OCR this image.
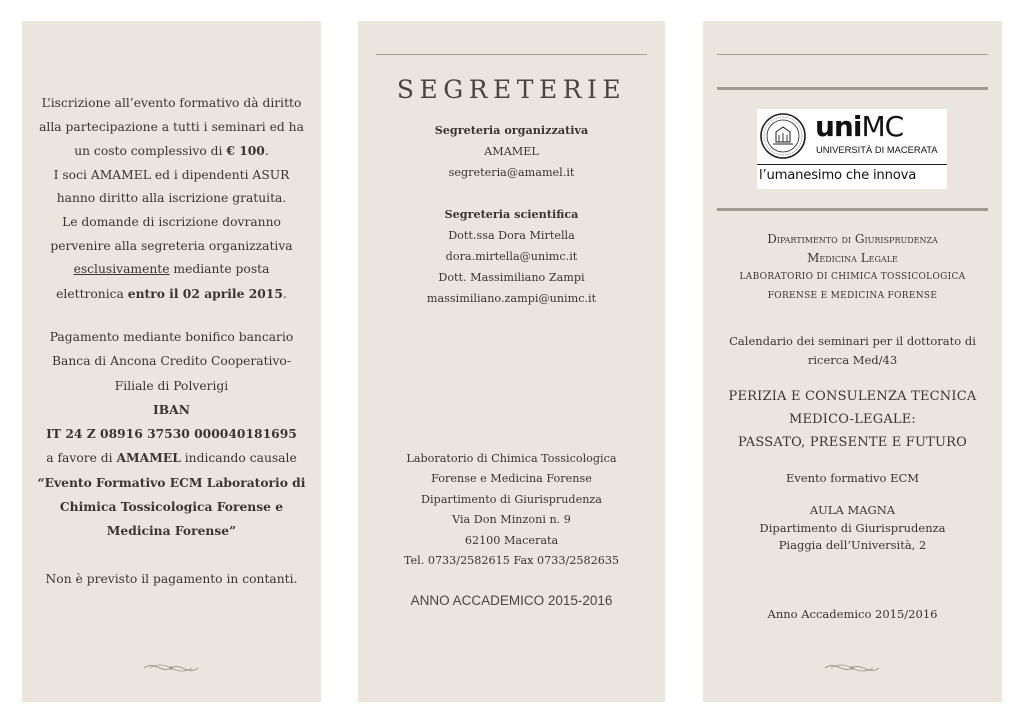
L’iscrizione all’evento formativo dà diritto
alla partecipazione a tutti i seminari ed ha
un costo complessivo di € 100.
I soci AMAMEL ed i dipendenti ASUR
hanno diritto alla iscrizione gratuita.
Le domande di iscrizione dovranno
pervenire alla segreteria organizzativa
esclusivamente mediante posta
elettronica entro il 02 aprile 2015.
Pagamento mediante bonifico bancario
Banca di Ancona Credito Cooperativo-
Filiale di Polverigi
IBAN
IT 24 Z 08916 37530 000040181695
a favore di AMAMEL indicando causale
“Evento Formativo ECM Laboratorio di
Chimica Tossicologica Forense e
Medicina Forense”
Non è previsto il pagamento in contanti.
SEGRETERIE
Segreteria organizzativa
AMAMEL
segreteria@amamel.it
Segreteria scientifica
Dott.ssa Dora Mirtella
dora.mirtella@unimc.it
Dott. Massimiliano Zampi
massimiliano.zampi@unimc.it
Laboratorio di Chimica Tossicologica
Forense e Medicina Forense
Dipartimento di Giurisprudenza
Via Don Minzoni n. 9
62100 Macerata
Tel. 0733/2582615 Fax 0733/2582635
ANNO ACCADEMICO 2015-2016
uniMC
UNIVERSITÀ DI MACERATA
l’umanesimo che innova
Dipartimento di Giurisprudenza
Medicina Legale
LABORATORIO DI CHIMICA TOSSICOLOGICA
FORENSE E MEDICINA FORENSE
Calendario dei seminari per il dottorato di
ricerca Med/43
PERIZIA E CONSULENZA TECNICA
MEDICO-LEGALE:
PASSATO, PRESENTE E FUTURO
Evento formativo ECM
AULA MAGNA
Dipartimento di Giurisprudenza
Piaggia dell’Università, 2
Anno Accademico 2015/2016
